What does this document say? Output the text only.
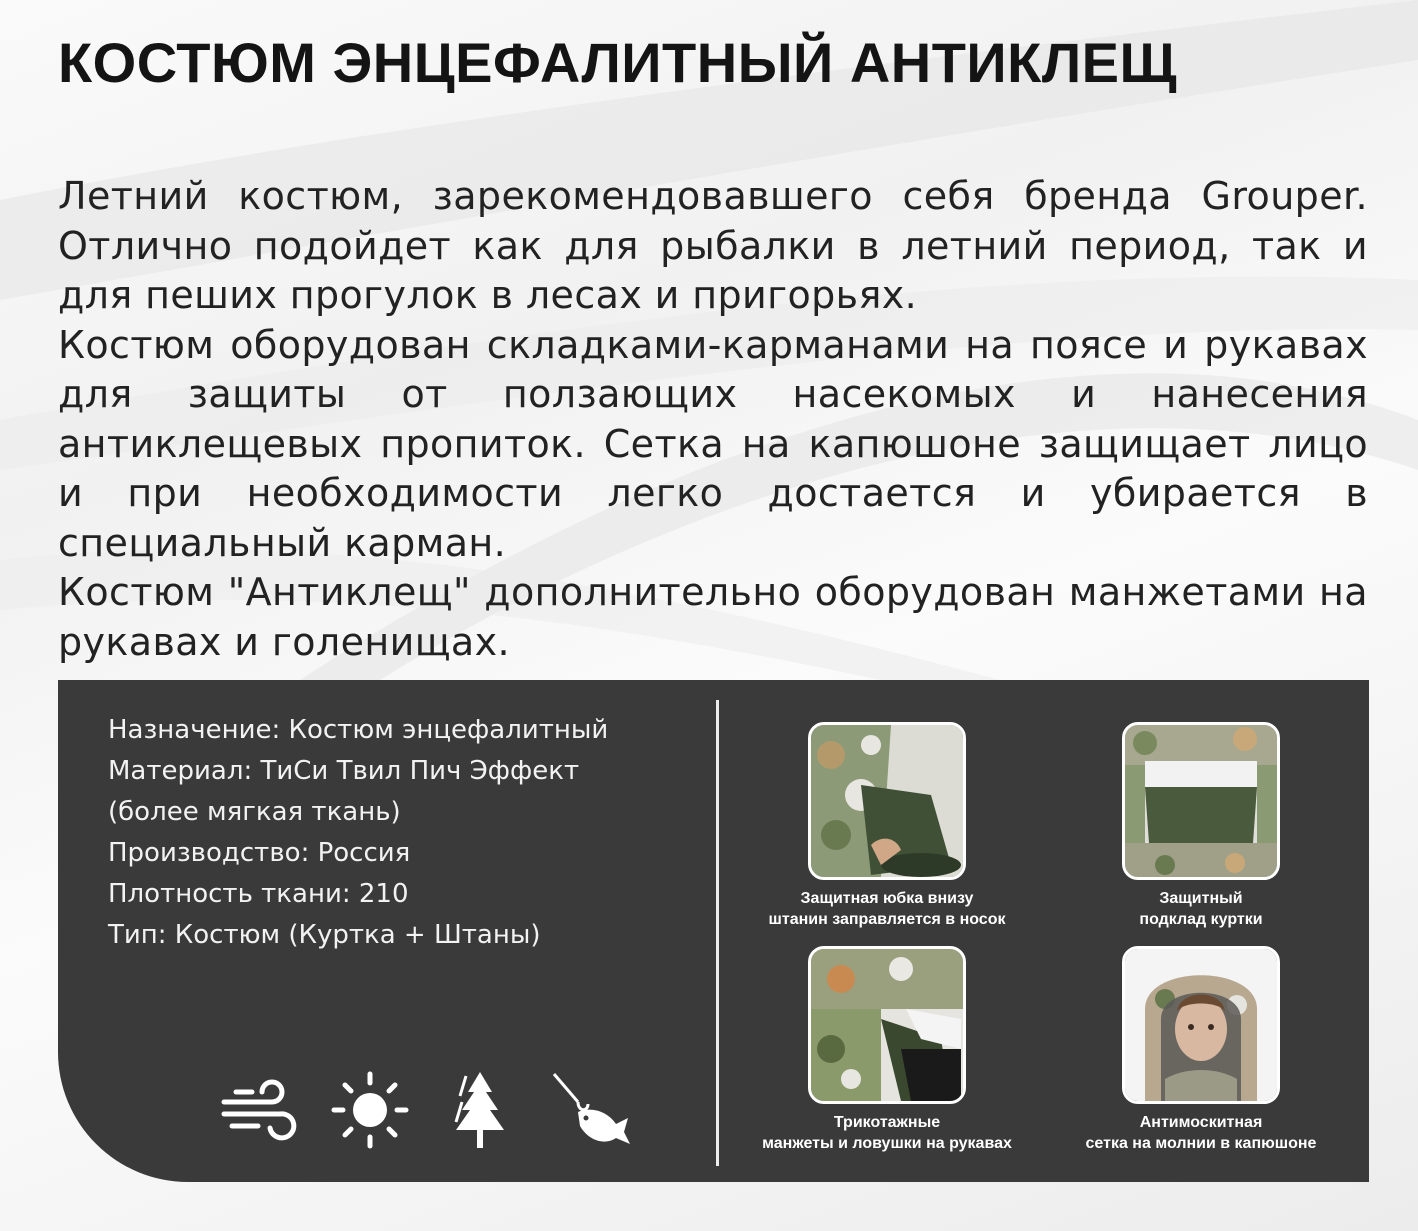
КОСТЮМ ЭНЦЕФАЛИТНЫЙ АНТИКЛЕЩ

Летний костюм, зарекомендовавшего себя бренда Grouper. Отлично подойдет как для рыбалки в летний период, так и для пеших прогулок в лесах и пригорьях.

Костюм оборудован складками-карманами на поясе и рукавах для защиты от ползающих насекомых и нанесения антиклещевых пропиток. Сетка на капюшоне защищает лицо и при необходимости легко достается и убирается в специальный карман.

Костюм "Антиклещ" дополнительно оборудован манжетами на рукавах и голенищах.

Назначение: Костюм энцефалитный
Материал: ТиСи Твил Пич Эффект
(более мягкая ткань)
Производство: Россия
Плотность ткани: 210
Тип: Костюм (Куртка + Штаны)
Защитная юбка внизу
штанин заправляется в носок
Защитный
подклад куртки
Трикотажные
манжеты и ловушки на рукавах
Антимоскитная
сетка на молнии в капюшоне
